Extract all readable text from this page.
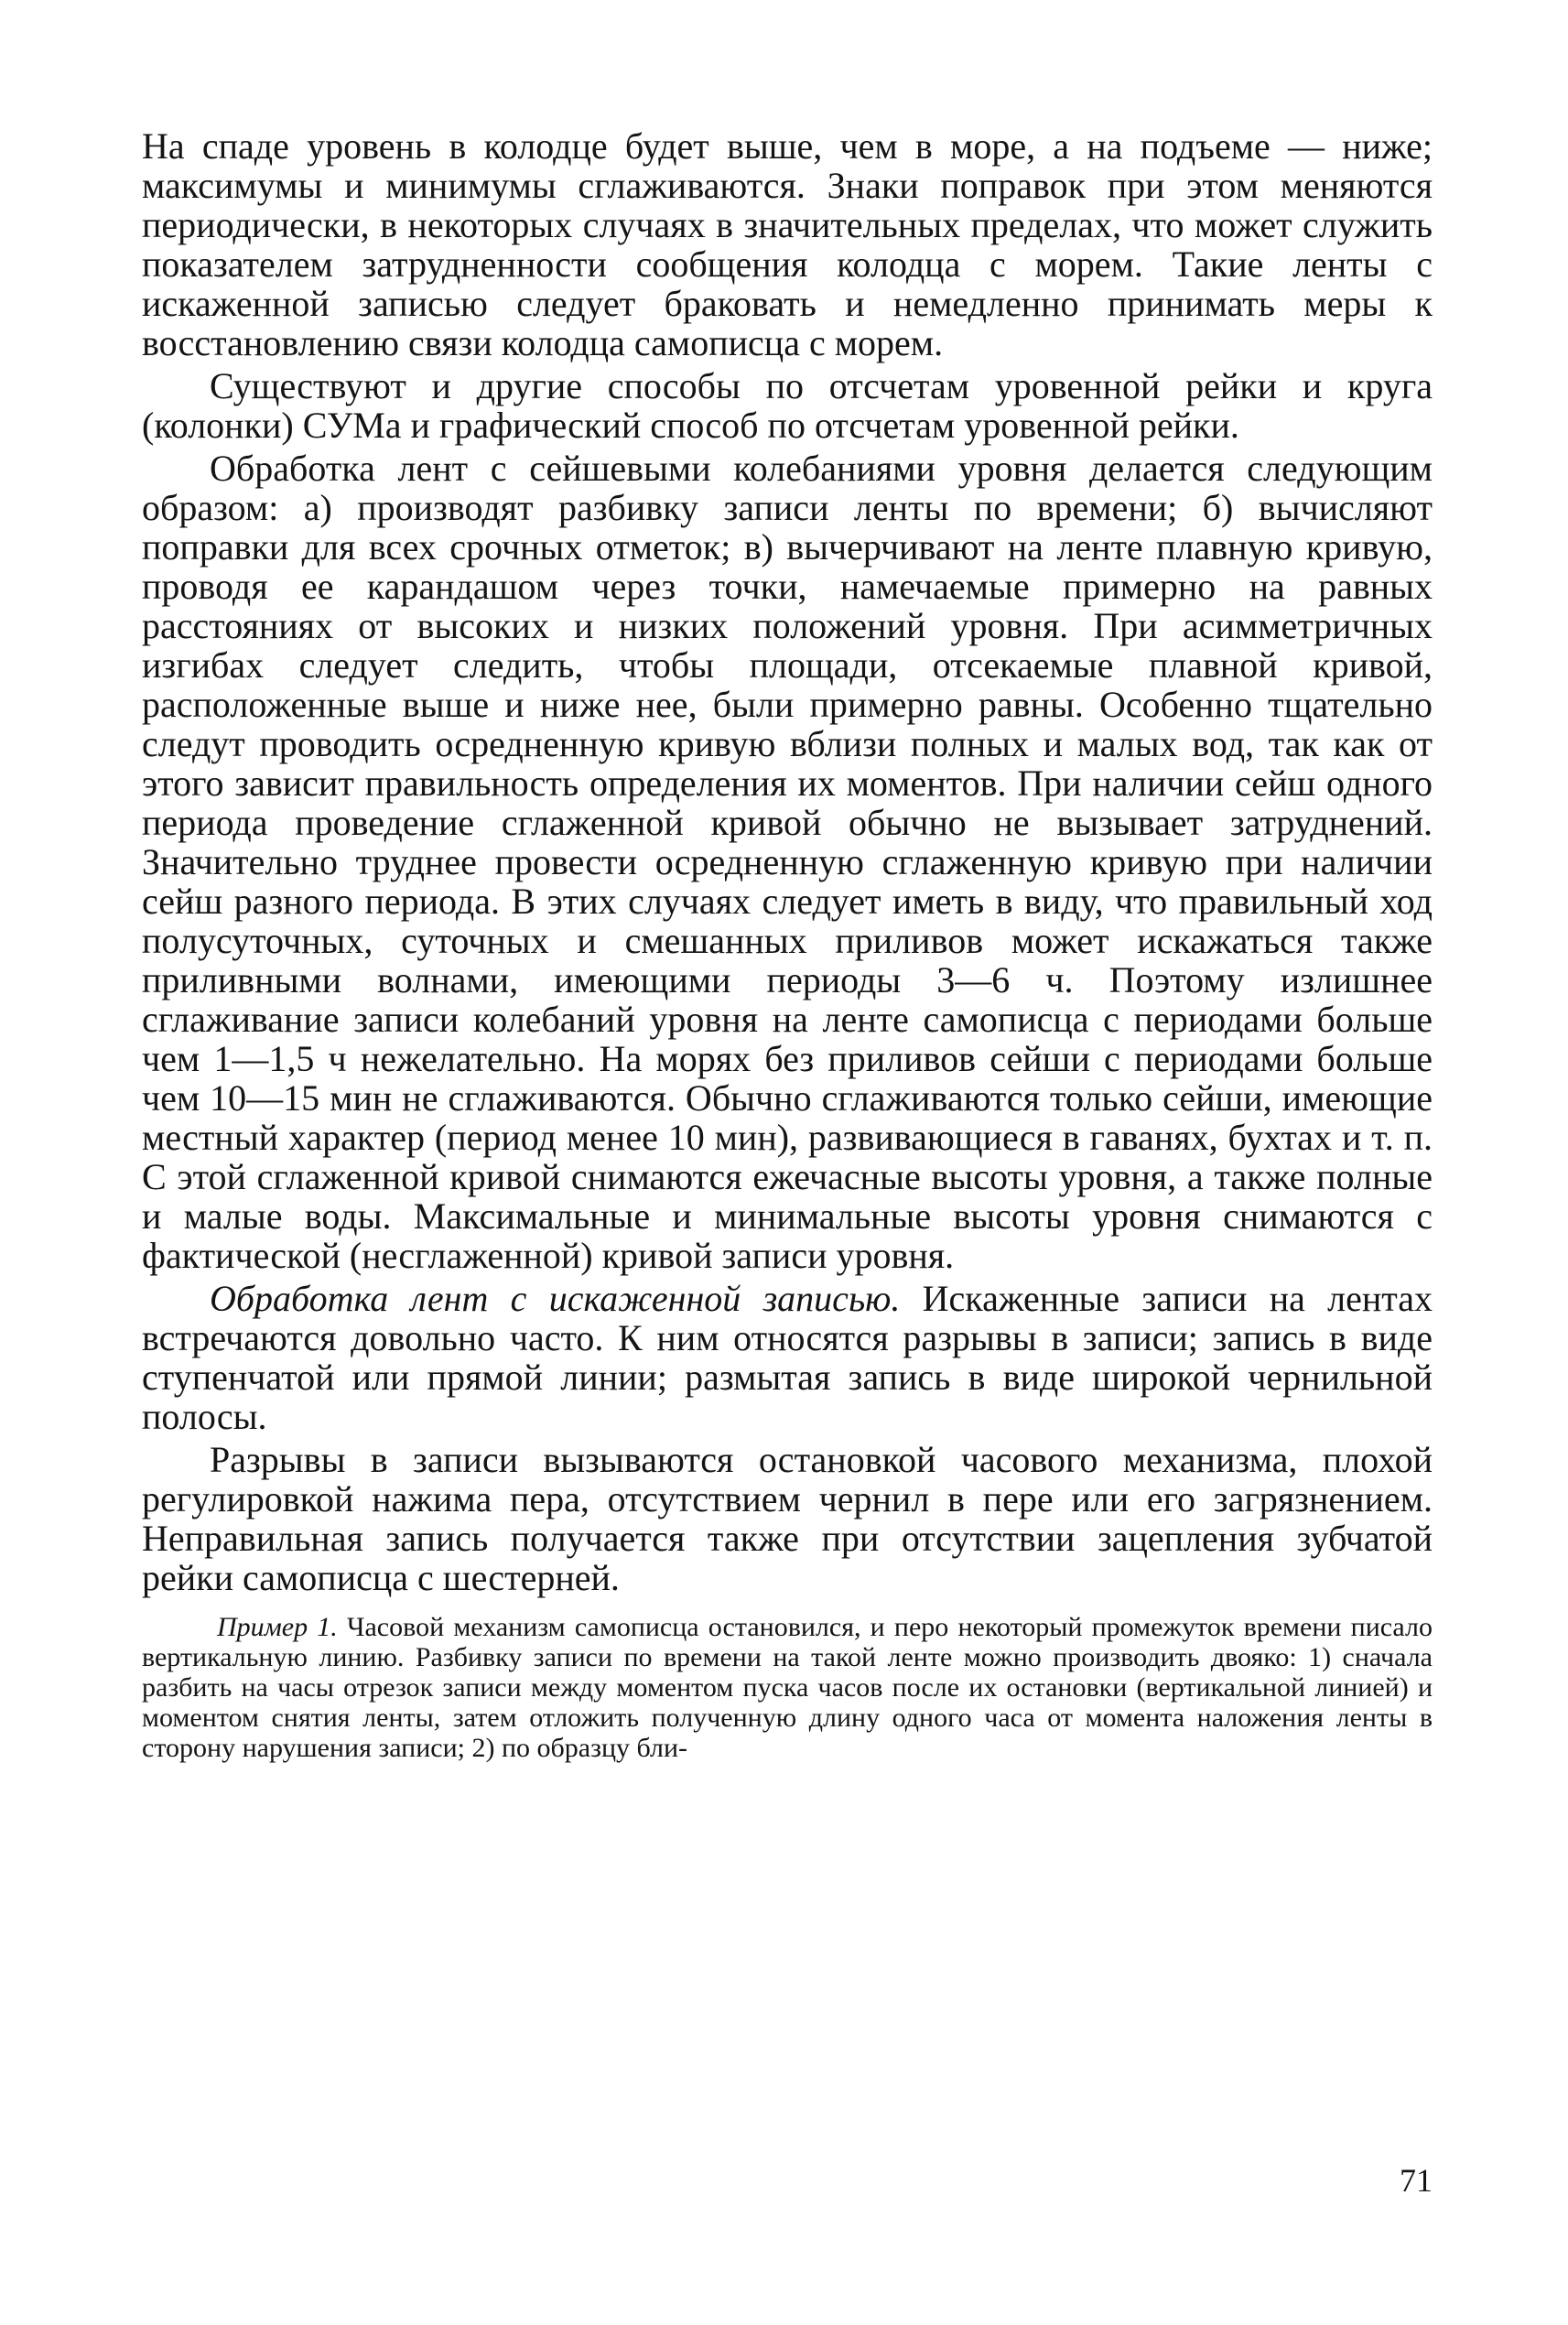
На спаде уровень в колодце будет выше, чем в море, а на подъеме — ниже; максимумы и минимумы сглаживаются. Знаки поправок при этом меняются периодически, в некоторых случаях в значительных пределах, что может служить показателем затрудненности сообщения колодца с морем. Такие ленты с искаженной записью следует браковать и немедленно принимать меры к восстановлению связи колодца самописца с морем.

Существуют и другие способы по отсчетам уровенной рейки и круга (колонки) СУМа и графический способ по отсчетам уровенной рейки.

Обработка лент с сейшевыми колебаниями уровня делается следующим образом: а) производят разбивку записи ленты по времени; б) вычисляют поправки для всех срочных отметок; в) вычерчивают на ленте плавную кривую, проводя ее карандашом через точки, намечаемые примерно на равных расстояниях от высоких и низких положений уровня. При асимметричных изгибах следует следить, чтобы площади, отсекаемые плавной кривой, расположенные выше и ниже нее, были примерно равны. Особенно тщательно следут проводить осредненную кривую вблизи полных и малых вод, так как от этого зависит правильность определения их моментов. При наличии сейш одного периода проведение сглаженной кривой обычно не вызывает затруднений. Значительно труднее провести осредненную сглаженную кривую при наличии сейш разного периода. В этих случаях следует иметь в виду, что правильный ход полусуточных, суточных и смешанных приливов может искажаться также приливными волнами, имеющими периоды 3—6 ч. Поэтому излишнее сглаживание записи колебаний уровня на ленте самописца с периодами больше чем 1—1,5 ч нежелательно. На морях без приливов сейши с периодами больше чем 10—15 мин не сглаживаются. Обычно сглаживаются только сейши, имеющие местный характер (период менее 10 мин), развивающиеся в гаванях, бухтах и т. п. С этой сглаженной кривой снимаются ежечасные высоты уровня, а также полные и малые воды. Максимальные и минимальные высоты уровня снимаются с фактической (несглаженной) кривой записи уровня.

Обработка лент с искаженной записью. Искаженные записи на лентах встречаются довольно часто. К ним относятся разрывы в записи; запись в виде ступенчатой или прямой линии; размытая запись в виде широкой чернильной полосы.

Разрывы в записи вызываются остановкой часового механизма, плохой регулировкой нажима пера, отсутствием чернил в пере или его загрязнением. Неправильная запись получается также при отсутствии зацепления зубчатой рейки самописца с шестерней.

Пример 1. Часовой механизм самописца остановился, и перо некоторый промежуток времени писало вертикальную линию. Разбивку записи по времени на такой ленте можно производить двояко: 1) сначала разбить на часы отрезок записи между моментом пуска часов после их остановки (вертикальной линией) и моментом снятия ленты, затем отложить полученную длину одного часа от момента наложения ленты в сторону нарушения записи; 2) по образцу бли-

71
